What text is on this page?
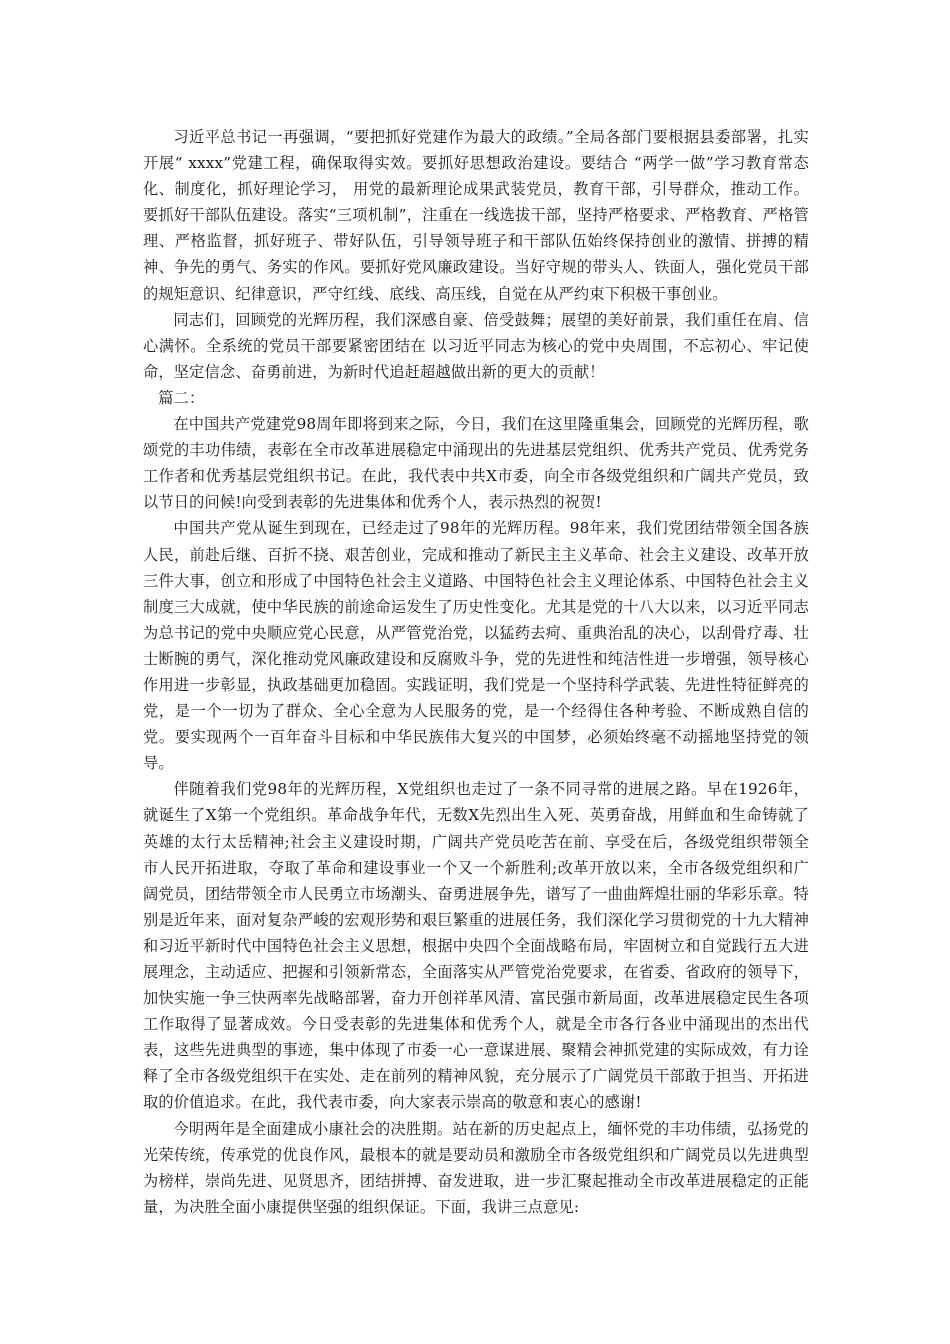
习近平总书记一再强调，“要把抓好党建作为最大的政绩。”全局各部门要根据县委部署，扎实开展“ xxxx”党建工程，确保取得实效。要抓好思想政治建设。要结合 “两学一做”学习教育常态化、制度化，抓好理论学习， 用党的最新理论成果武装党员，教育干部，引导群众，推动工作。要抓好干部队伍建设。落实“三项机制”，注重在一线选拔干部，坚持严格要求、严格教育、严格管理、严格监督，抓好班子、带好队伍，引导领导班子和干部队伍始终保持创业的激情、拼搏的精神、争先的勇气、务实的作风。要抓好党风廉政建设。当好守规的带头人、铁面人，强化党员干部的规矩意识、纪律意识，严守红线、底线、高压线，自觉在从严约束下积极干事创业。

同志们，回顾党的光辉历程，我们深感自豪、倍受鼓舞；展望的美好前景，我们重任在肩、信心满怀。全系统的党员干部要紧密团结在 以习近平同志为核心的党中央周围，不忘初心、牢记使命，坚定信念、奋勇前进，为新时代追赶超越做出新的更大的贡献！

篇二：

在中国共产党建党98周年即将到来之际，今日，我们在这里隆重集会，回顾党的光辉历程，歌颂党的丰功伟绩，表彰在全市改革进展稳定中涌现出的先进基层党组织、优秀共产党员、优秀党务工作者和优秀基层党组织书记。在此，我代表中共X市委，向全市各级党组织和广阔共产党员，致以节日的问候!向受到表彰的先进集体和优秀个人，表示热烈的祝贺!

中国共产党从诞生到现在，已经走过了98年的光辉历程。98年来，我们党团结带领全国各族人民，前赴后继、百折不挠、艰苦创业，完成和推动了新民主主义革命、社会主义建设、改革开放三件大事，创立和形成了中国特色社会主义道路、中国特色社会主义理论体系、中国特色社会主义制度三大成就，使中华民族的前途命运发生了历史性变化。尤其是党的十八大以来，以习近平同志为总书记的党中央顺应党心民意，从严管党治党，以猛药去疴、重典治乱的决心，以刮骨疗毒、壮士断腕的勇气，深化推动党风廉政建设和反腐败斗争，党的先进性和纯洁性进一步增强，领导核心作用进一步彰显，执政基础更加稳固。实践证明，我们党是一个坚持科学武装、先进性特征鲜亮的党，是一个一切为了群众、全心全意为人民服务的党，是一个经得住各种考验、不断成熟自信的党。要实现两个一百年奋斗目标和中华民族伟大复兴的中国梦，必须始终毫不动摇地坚持党的领导。

伴随着我们党98年的光辉历程，X党组织也走过了一条不同寻常的进展之路。早在1926年，就诞生了X第一个党组织。革命战争年代，无数X先烈出生入死、英勇奋战，用鲜血和生命铸就了英雄的太行太岳精神;社会主义建设时期，广阔共产党员吃苦在前、享受在后，各级党组织带领全市人民开拓进取，夺取了革命和建设事业一个又一个新胜利;改革开放以来，全市各级党组织和广阔党员，团结带领全市人民勇立市场潮头、奋勇进展争先，谱写了一曲曲辉煌壮丽的华彩乐章。特别是近年来，面对复杂严峻的宏观形势和艰巨繁重的进展任务，我们深化学习贯彻党的十九大精神和习近平新时代中国特色社会主义思想，根据中央四个全面战略布局，牢固树立和自觉践行五大进展理念，主动适应、把握和引领新常态，全面落实从严管党治党要求，在省委、省政府的领导下，加快实施一争三快两率先战略部署，奋力开创祥革风清、富民强市新局面，改革进展稳定民生各项工作取得了显著成效。今日受表彰的先进集体和优秀个人，就是全市各行各业中涌现出的杰出代表，这些先进典型的事迹，集中体现了市委一心一意谋进展、聚精会神抓党建的实际成效，有力诠释了全市各级党组织干在实处、走在前列的精神风貌，充分展示了广阔党员干部敢于担当、开拓进取的价值追求。在此，我代表市委，向大家表示崇高的敬意和衷心的感谢!

今明两年是全面建成小康社会的决胜期。站在新的历史起点上，缅怀党的丰功伟绩，弘扬党的光荣传统，传承党的优良作风，最根本的就是要动员和激励全市各级党组织和广阔党员以先进典型为榜样，崇尚先进、见贤思齐，团结拼搏、奋发进取，进一步汇聚起推动全市改革进展稳定的正能量，为决胜全面小康提供坚强的组织保证。下面，我讲三点意见:
